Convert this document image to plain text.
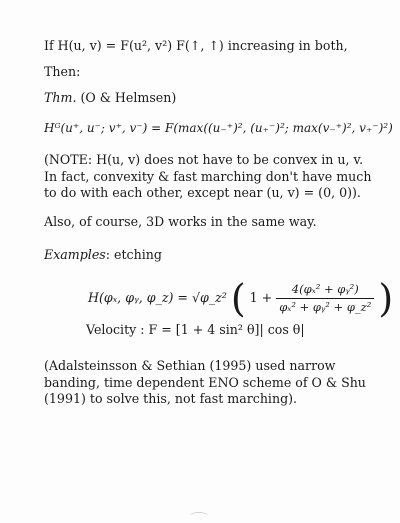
If H(u, v) = F(u², v²) F(↑, ↑) increasing in both,
Then:
Thm. (O & Helmsen)
Hᴳ(u⁺, u⁻; v⁺, v⁻) = F(max((u₋⁺)², (u₊⁻)²; max(v₋⁺)², v₊⁻)²)
(NOTE: H(u, v) does not have to be convex in u, v. In fact, convexity & fast marching don't have much to do with each other, except near (u, v) = (0, 0)).
Also, of course, 3D works in the same way.
Examples: etching
H(φₓ, φᵧ, φ_z) = √φ_z² ( $1 + \frac{\text{4(φₓ² + φᵧ²)}}{\text{φₓ² + φᵧ² + φ\_z²}}$ )
Velocity : F = [1 + 4 sin² θ]| cos θ|
(Adalsteinsson & Sethian (1995) used narrow banding, time dependent ENO scheme of O & Shu (1991) to solve this, not fast marching).
